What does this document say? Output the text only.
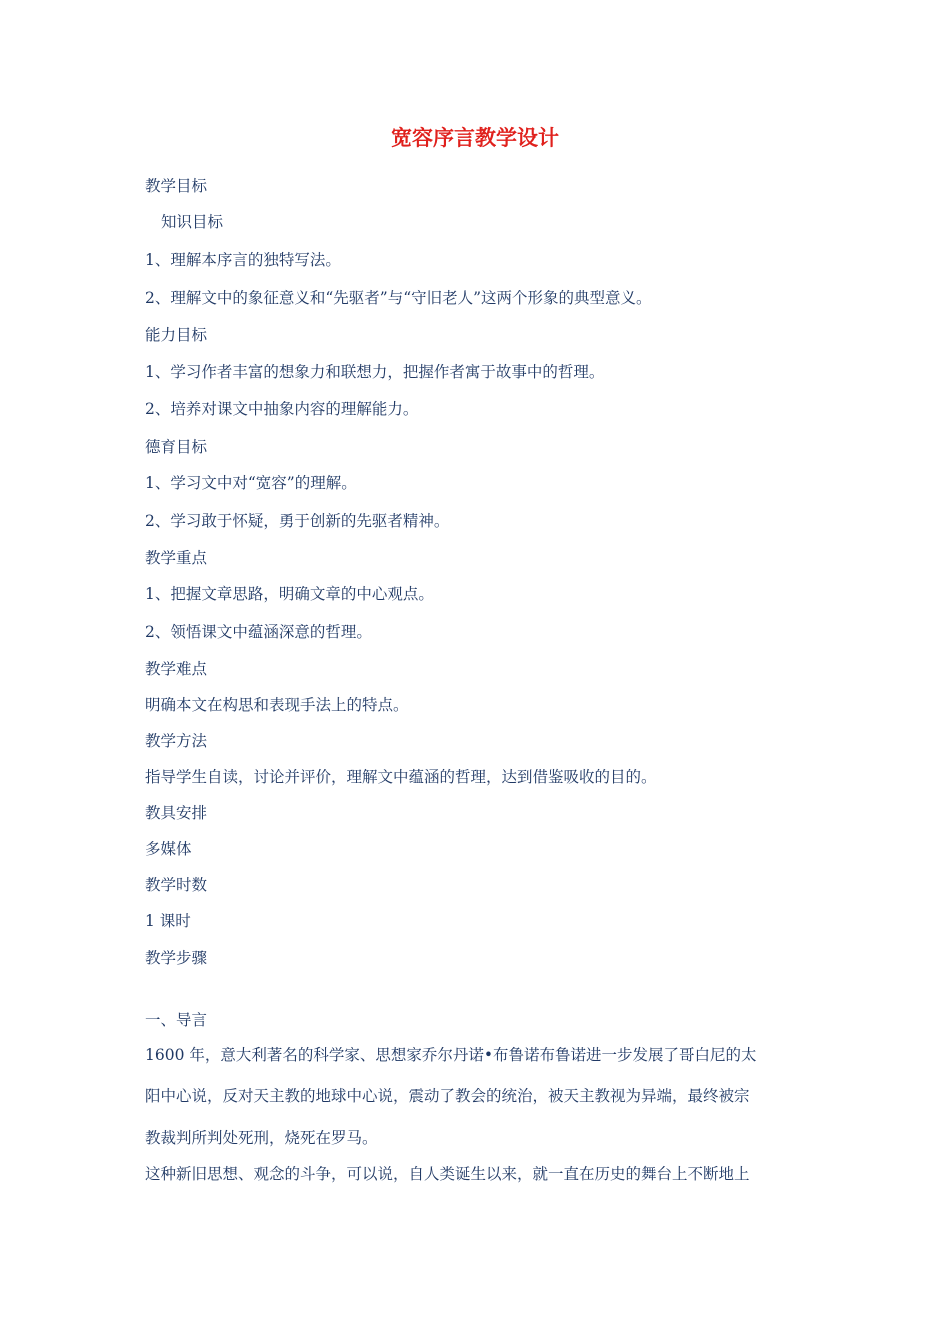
宽容序言教学设计
教学目标
知识目标
1、理解本序言的独特写法。
2、理解文中的象征意义和“先驱者”与“守旧老人”这两个形象的典型意义。
能力目标
1、学习作者丰富的想象力和联想力，把握作者寓于故事中的哲理。
2、培养对课文中抽象内容的理解能力。
德育目标
1、学习文中对“宽容”的理解。
2、学习敢于怀疑，勇于创新的先驱者精神。
教学重点
1、把握文章思路，明确文章的中心观点。
2、领悟课文中蕴涵深意的哲理。
教学难点
明确本文在构思和表现手法上的特点。
教学方法
指导学生自读，讨论并评价，理解文中蕴涵的哲理，达到借鉴吸收的目的。
教具安排
多媒体
教学时数
1 课时
教学步骤
一、导言
1600 年，意大利著名的科学家、思想家乔尔丹诺•布鲁诺布鲁诺进一步发展了哥白尼的太
阳中心说，反对天主教的地球中心说，震动了教会的统治，被天主教视为异端，最终被宗
教裁判所判处死刑，烧死在罗马。
这种新旧思想、观念的斗争，可以说，自人类诞生以来，就一直在历史的舞台上不断地上
